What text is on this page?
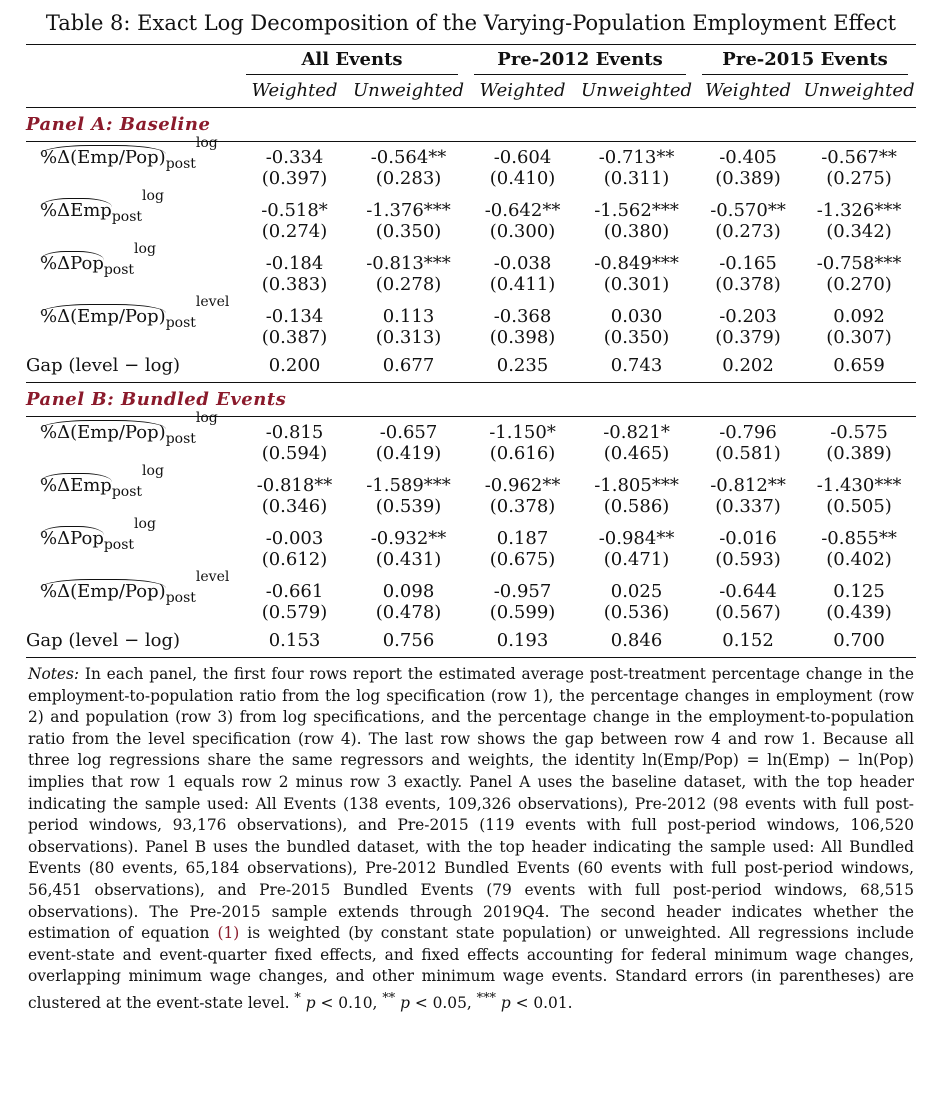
Table 8: Exact Log Decomposition of the Varying-Population Employment Effect

	All Events		Pre-2012 Events		Pre-2015 Events	

	Weighted	Unweighted	Weighted	Unweighted	Weighted	Unweighted
Panel A: Baseline						
$\%\Delta(Emp/Pop)_{post}$
log	-0.334	-0.564**	-0.604	-0.713**	-0.405	-0.567**
	(0.397)	(0.283)	(0.410)	(0.311)	(0.389)	(0.275)
%ΔEmp$_{post}$
log	-0.518*	-1.376***	-0.642**	-1.562***	-0.570**	-1.326***
	(0.274)	(0.350)	(0.300)	(0.380)	(0.273)	(0.342)
%ΔPop$_{post}$
log	-0.184	-0.813***	-0.038	-0.849***	-0.165	-0.758***
	(0.383)	(0.278)	(0.411)	(0.301)	(0.378)	(0.270)
$\%\Delta(Emp/Pop)_{post}$
level	-0.134	0.113	-0.368	0.030	-0.203	0.092
	(0.387)	(0.313)	(0.398)	(0.350)	(0.379)	(0.307)
Gap (level − log)	0.200	0.677	0.235	0.743	0.202	0.659

Panel B: Bundled Events						
$\%\Delta(Emp/Pop)_{post}$
log	-0.815	-0.657	-1.150*	-0.821*	-0.796	-0.575
	(0.594)	(0.419)	(0.616)	(0.465)	(0.581)	(0.389)
%ΔEmp$_{post}$
log	-0.818**	-1.589***	-0.962**	-1.805***	-0.812**	-1.430***
	(0.346)	(0.539)	(0.378)	(0.586)	(0.337)	(0.505)
%ΔPop$_{post}$
log	-0.003	-0.932**	0.187	-0.984**	-0.016	-0.855**
	(0.612)	(0.431)	(0.675)	(0.471)	(0.593)	(0.402)
$\%\Delta(Emp/Pop)_{post}$
level	-0.661	0.098	-0.957	0.025	-0.644	0.125
	(0.579)	(0.478)	(0.599)	(0.536)	(0.567)	(0.439)
Gap (level − log)	0.153	0.756	0.193	0.846	0.152	0.700

Notes: In each panel, the first four rows report the estimated average post-treatment percentage change in the employment-to-population ratio from the log specification (row 1), the percentage changes in employment (row 2) and population (row 3) from log specifications, and the percentage change in the employment-to-population ratio from the level specification (row 4). The last row shows the gap between row 4 and row 1. Because all three log regressions share the same regressors and weights, the identity ln(Emp/Pop) = ln(Emp) − ln(Pop) implies that row 1 equals row 2 minus row 3 exactly. Panel A uses the baseline dataset, with the top header indicating the sample used: All Events (138 events, 109,326 observations), Pre-2012 (98 events with full post-period windows, 93,176 observations), and Pre-2015 (119 events with full post-period windows, 106,520 observations). Panel B uses the bundled dataset, with the top header indicating the sample used: All Bundled Events (80 events, 65,184 observations), Pre-2012 Bundled Events (60 events with full post-period windows, 56,451 observations), and Pre-2015 Bundled Events (79 events with full post-period windows, 68,515 observations). The Pre-2015 sample extends through 2019Q4. The second header indicates whether the estimation of equation (1) is weighted (by constant state population) or unweighted. All regressions include event-state and event-quarter fixed effects, and fixed effects accounting for federal minimum wage changes, overlapping minimum wage changes, and other minimum wage events. Standard errors (in parentheses) are clustered at the event-state level. * p < 0.10, ** p < 0.05, *** p < 0.01.
